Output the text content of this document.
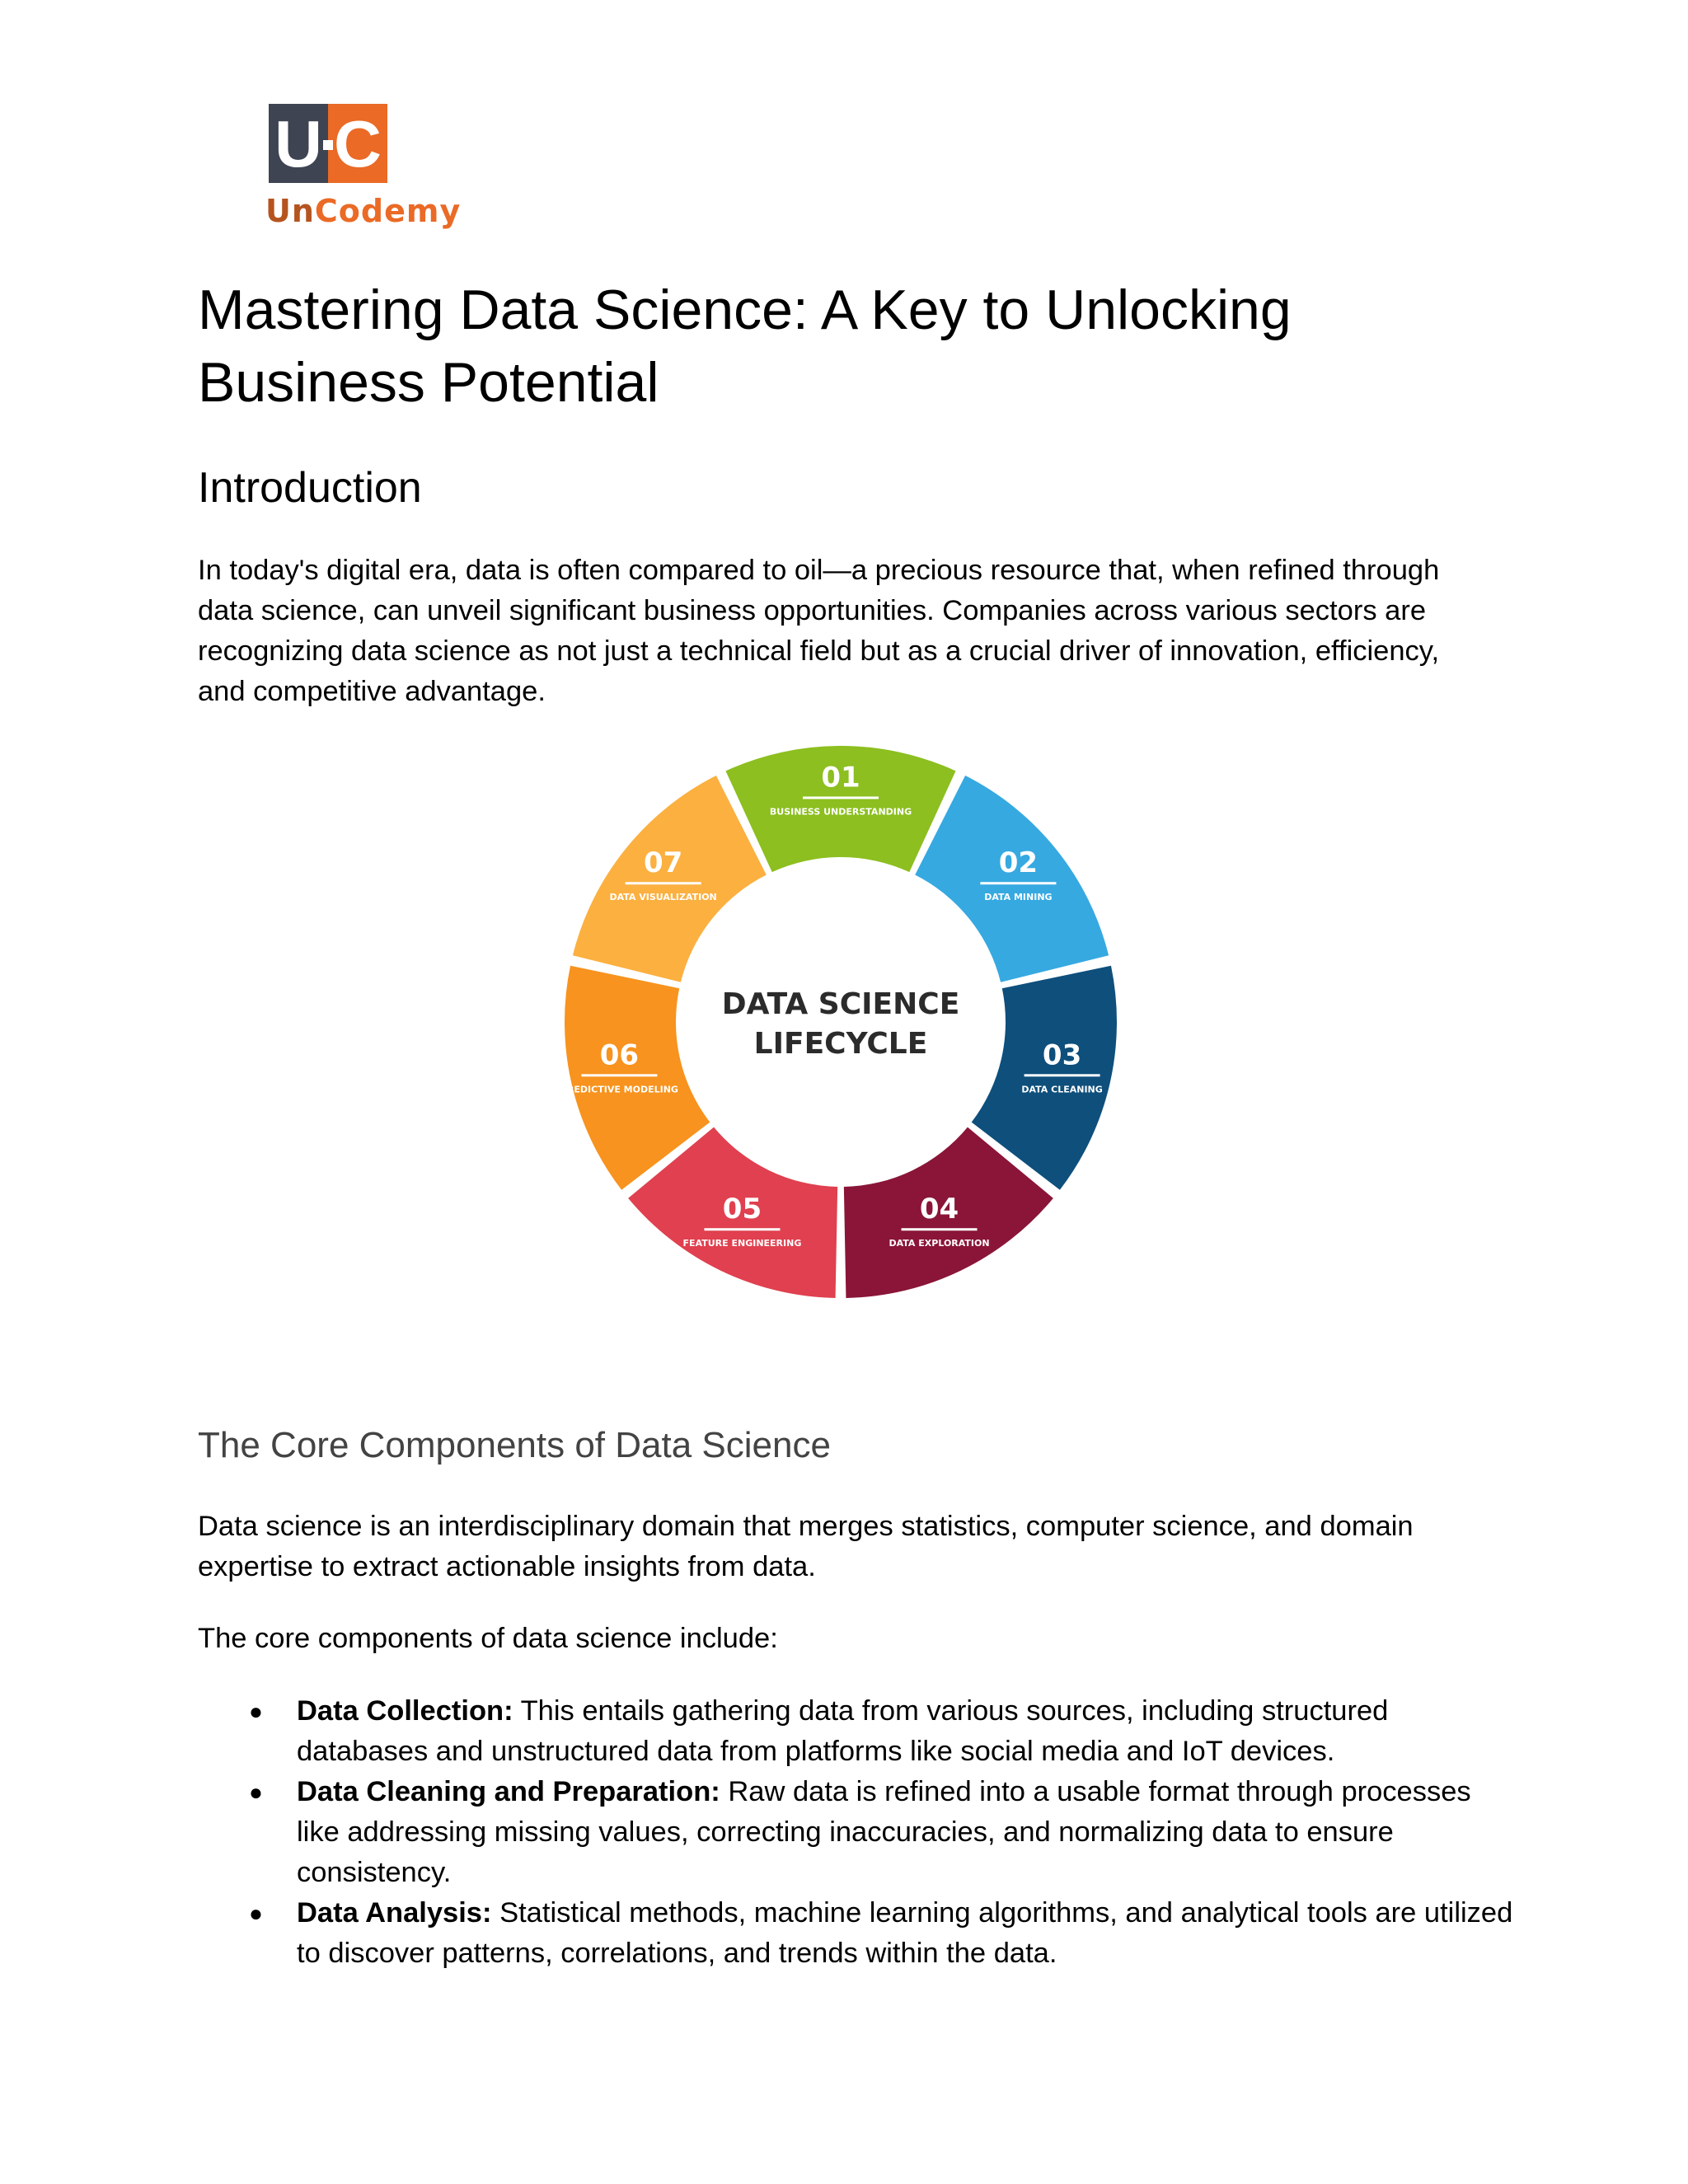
U C
UnCodemy
Mastering Data Science: A Key to Unlocking Business Potential
Introduction

In today's digital era, data is often compared to oil—a precious resource that, when refined through data science, can unveil significant business opportunities. Companies across various sectors are recognizing data science as not just a technical field but as a crucial driver of innovation, efficiency, and competitive advantage.

01
BUSINESS UNDERSTANDING
02
DATA MINING
03
DATA CLEANING
04
DATA EXPLORATION
05
FEATURE ENGINEERING
06
PREDICTIVE MODELING
07
DATA VISUALIZATION
DATA SCIENCE
LIFECYCLE
The Core Components of Data Science

Data science is an interdisciplinary domain that merges statistics, computer science, and domain expertise to extract actionable insights from data.

The core components of data science include:

● Data Collection: This entails gathering data from various sources, including structured databases and unstructured data from platforms like social media and IoT devices.
● Data Cleaning and Preparation: Raw data is refined into a usable format through processes like addressing missing values, correcting inaccuracies, and normalizing data to ensure consistency.
● Data Analysis: Statistical methods, machine learning algorithms, and analytical tools are utilized to discover patterns, correlations, and trends within the data.
